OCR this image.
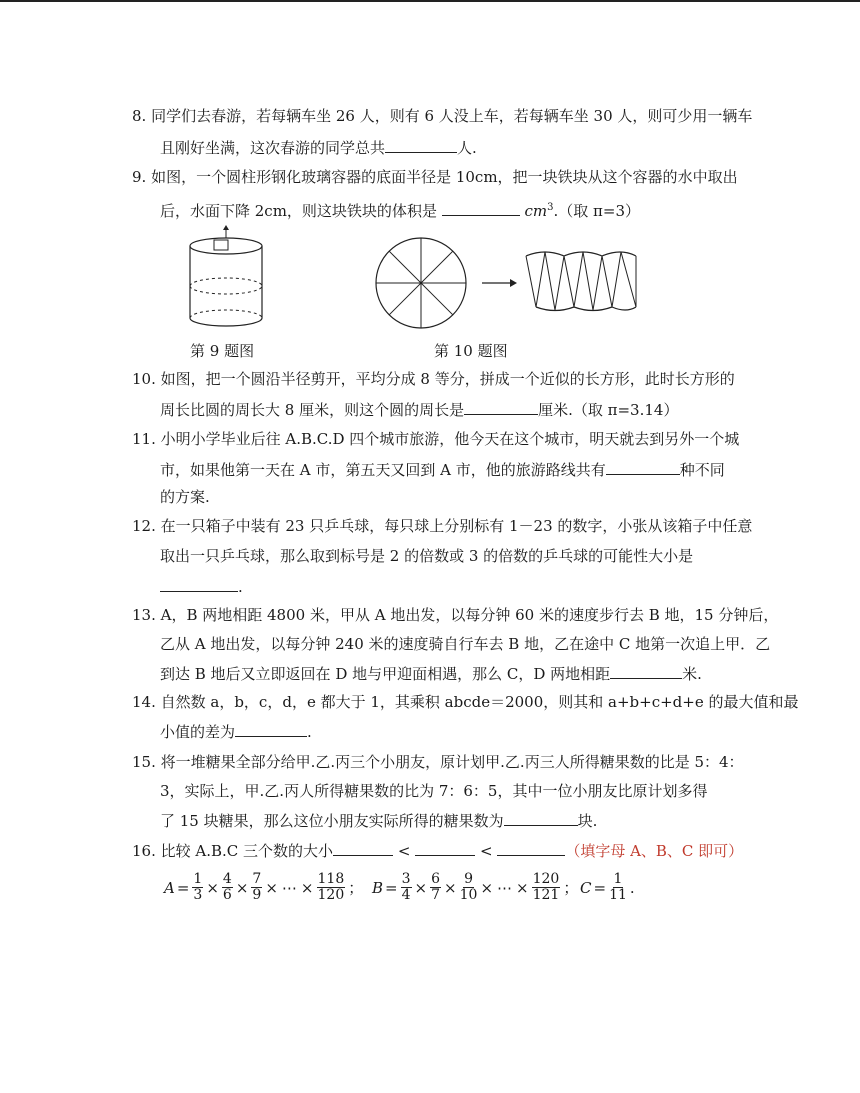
8. 同学们去春游，若每辆车坐 26 人，则有 6 人没上车，若每辆车坐 30 人，则可少用一辆车
且刚好坐满，这次春游的同学总共	人.
9. 如图，一个圆柱形钢化玻璃容器的底面半径是 10cm，把一块铁块从这个容器的水中取出
后，水面下降 2cm，则这块铁块的体积是	$cm^3$.（取 π=3）
第 9 题图	第 10 题图
10. 如图，把一个圆沿半径剪开，平均分成 8 等分，拼成一个近似的长方形，此时长方形的
周长比圆的周长大 8 厘米，则这个圆的周长是	厘米.（取 π=3.14）
11. 小明小学毕业后往 A.B.C.D 四个城市旅游，他今天在这个城市，明天就去到另外一个城
市，如果他第一天在 A 市，第五天又回到 A 市，他的旅游路线共有	种不同
的方案.
12. 在一只箱子中装有 23 只乒乓球，每只球上分别标有 1－23 的数字，小张从该箱子中任意
取出一只乒乓球，那么取到标号是 2 的倍数或 3 的倍数的乒乓球的可能性大小是
.
13. A，B 两地相距 4800 米，甲从 A 地出发，以每分钟 60 米的速度步行去 B 地，15 分钟后，
乙从 A 地出发，以每分钟 240 米的速度骑自行车去 B 地，乙在途中 C 地第一次追上甲．乙
到达 B 地后又立即返回在 D 地与甲迎面相遇，那么 C，D 两地相距	米.
14. 自然数 a，b，c，d，e 都大于 1，其乘积 abcde＝2000，则其和 a+b+c+d+e 的最大值和最
小值的差为	.
15. 将一堆糖果全部分给甲.乙.丙三个小朋友，原计划甲.乙.丙三人所得糖果数的比是 5：4：
3，实际上，甲.乙.丙人所得糖果数的比为 7：6：5，其中一位小朋友比原计划多得
了 15 块糖果，那么这位小朋友实际所得的糖果数为	块.
16. 比较 A.B.C 三个数的大小	<	<	（填字母 A、B、C 即可）
$A = \frac{1}{3} \times \frac{4}{6} \times \frac{7}{9}$ × ⋯ × $\frac{118}{120}$ ； $B = \frac{3}{4} \times \frac{6}{7} \times \frac{9}{10}$ × ⋯ × $\frac{120}{121}$ ； $C = \frac{1}{11}$ .
